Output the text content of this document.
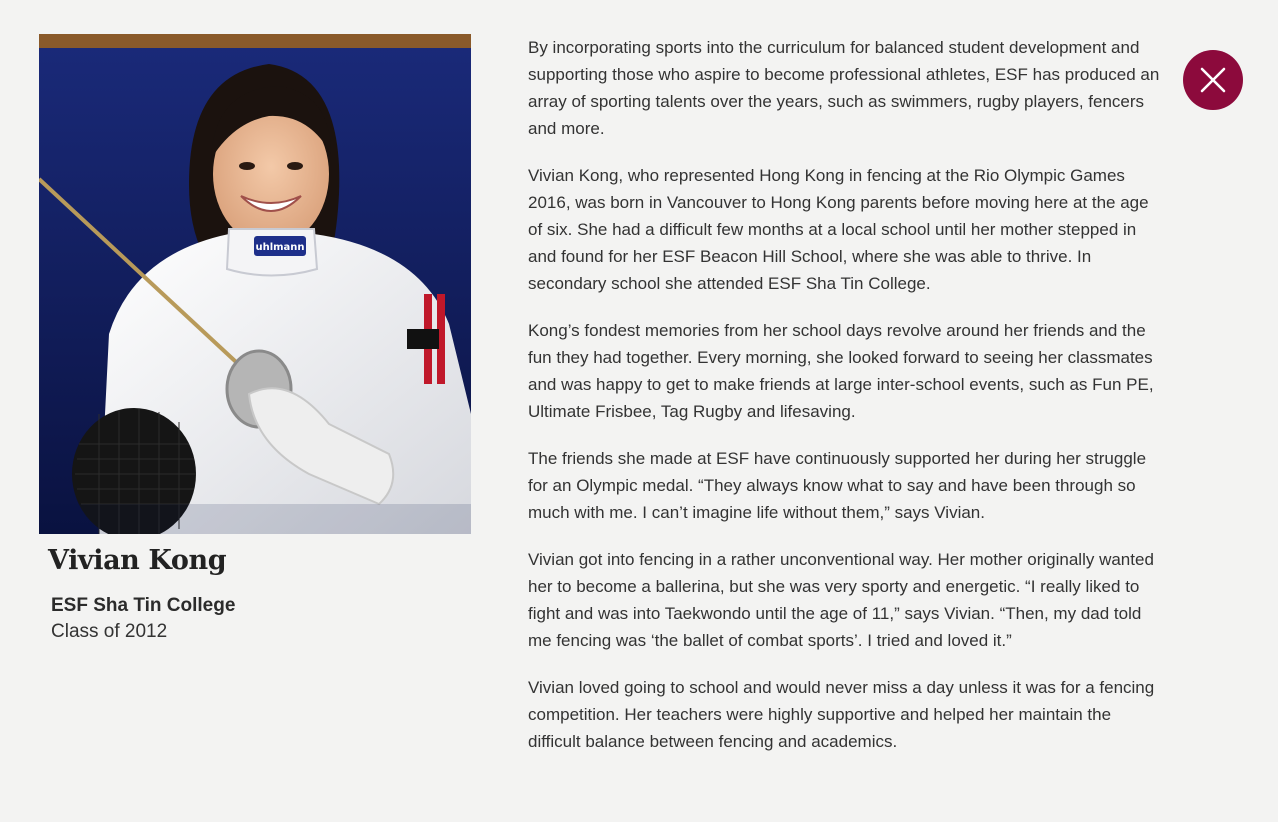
uhlmann
Vivian Kong
ESF Sha Tin College
Class of 2012

By incorporating sports into the curriculum for balanced student development and supporting those who aspire to become professional athletes, ESF has produced an array of sporting talents over the years, such as swimmers, rugby players, fencers and more.

Vivian Kong, who represented Hong Kong in fencing at the Rio Olympic Games 2016, was born in Vancouver to Hong Kong parents before moving here at the age of six. She had a difficult few months at a local school until her mother stepped in and found for her ESF Beacon Hill School, where she was able to thrive. In secondary school she attended ESF Sha Tin College.

Kong’s fondest memories from her school days revolve around her friends and the fun they had together. Every morning, she looked forward to seeing her classmates and was happy to get to make friends at large inter-school events, such as Fun PE, Ultimate Frisbee, Tag Rugby and lifesaving.

The friends she made at ESF have continuously supported her during her struggle for an Olympic medal. “They always know what to say and have been through so much with me. I can’t imagine life without them,” says Vivian.

Vivian got into fencing in a rather unconventional way. Her mother originally wanted her to become a ballerina, but she was very sporty and energetic. “I really liked to fight and was into Taekwondo until the age of 11,” says Vivian. “Then, my dad told me fencing was ‘the ballet of combat sports’. I tried and loved it.”

Vivian loved going to school and would never miss a day unless it was for a fencing competition. Her teachers were highly supportive and helped her maintain the difficult balance between fencing and academics.
